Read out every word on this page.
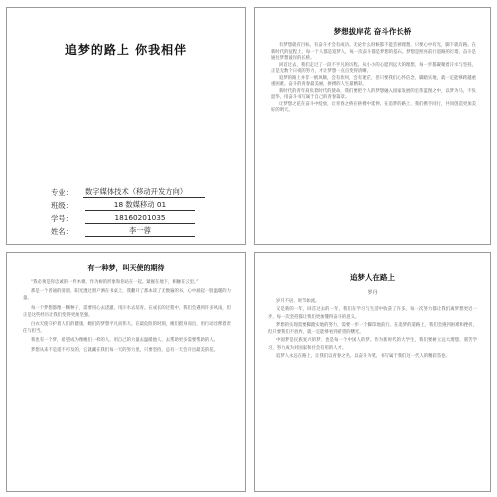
追梦的路上 你我相伴
专业：	数字媒体技术（移动开发方向）
班级：	18 数媒移动 01
学号：	18160201035
姓名：	李一蓉
梦想拔岸花 奋斗作长桥

有梦想就有目标，有奋斗才会有成功。无论什么时候都不能丢掉理想，只要心中有光，脚下就有路。在新时代的征程上，每一个人都是追梦人，每一次奋斗都是梦想的基石。梦想是照亮前行道路的灯塔，奋斗是通往梦想彼岸的长桥。

回首过去，我们走过了一段不平凡的历程。从小小的心愿到远大的理想，每一步都凝聚着汗水与坚持。正是无数个日夜的努力，才让梦想一点点变得清晰。

追梦的路上并非一帆风顺，会有坎坷，会有迷茫，但只要我们心怀信念，脚踏实地，就一定能够跨越重重困难。奋斗的青春最美丽，拼搏的人生最精彩。

新时代的青年肩负着时代的使命，我们要把个人的梦想融入国家发展的宏伟蓝图之中，以梦为马，不负韶华，用奋斗书写属于自己的青春篇章。

让梦想之花在奋斗中绽放，让青春之桥在拼搏中延伸。在追梦的路上，我们携手同行，共同创造更加美好的明天。

有一种梦，叫天使的期待

“我必须是你忠诚的一件木棉，作为树的形象和你站在一起。紧握在地下，相触在云里。”

那是一个普通的清晨，阳光透过窗户洒在书桌上，我翻开了那本读了无数遍的书，心中涌起一股温暖的力量。

每一个梦想都像一颗种子，需要用心去浇灌，用汗水去培育。在成长的过程中，我们会遇到许多风雨，但正是这些经历让我们变得更加坚强。

白衣天使守护着人们的健康，她们的梦想平凡而伟大。在最危险的时刻，她们挺身而出，用行动诠释着责任与担当。

我也有一个梦，希望成为像她们一样的人，用自己的力量去温暖他人，去帮助更多需要帮助的人。

梦想从来不是遥不可及的，它就藏在我们每一天的努力里。只要坚持，总有一天会开出最美的花。

追梦人在路上
罗丹

岁月不居，时节如流。

又是新的一年，回首过去的一年，我们在学习与生活中收获了许多。每一次努力都让我们离梦想更近一步，每一次坚持都让我们更加懂得奋斗的意义。

梦想的实现需要脚踏实地的努力，需要一步一个脚印地前行。在追梦的道路上，我们会遇到困难和挫折，但只要我们不放弃，就一定能够看到希望的曙光。

中国梦是民族复兴的梦，也是每一个中国人的梦。作为新时代的大学生，我们要树立远大理想，刻苦学习，努力成为对国家和社会有用的人才。

追梦人永远在路上，让我们以青春之名，以奋斗为笔，书写属于我们这一代人的精彩答卷。
